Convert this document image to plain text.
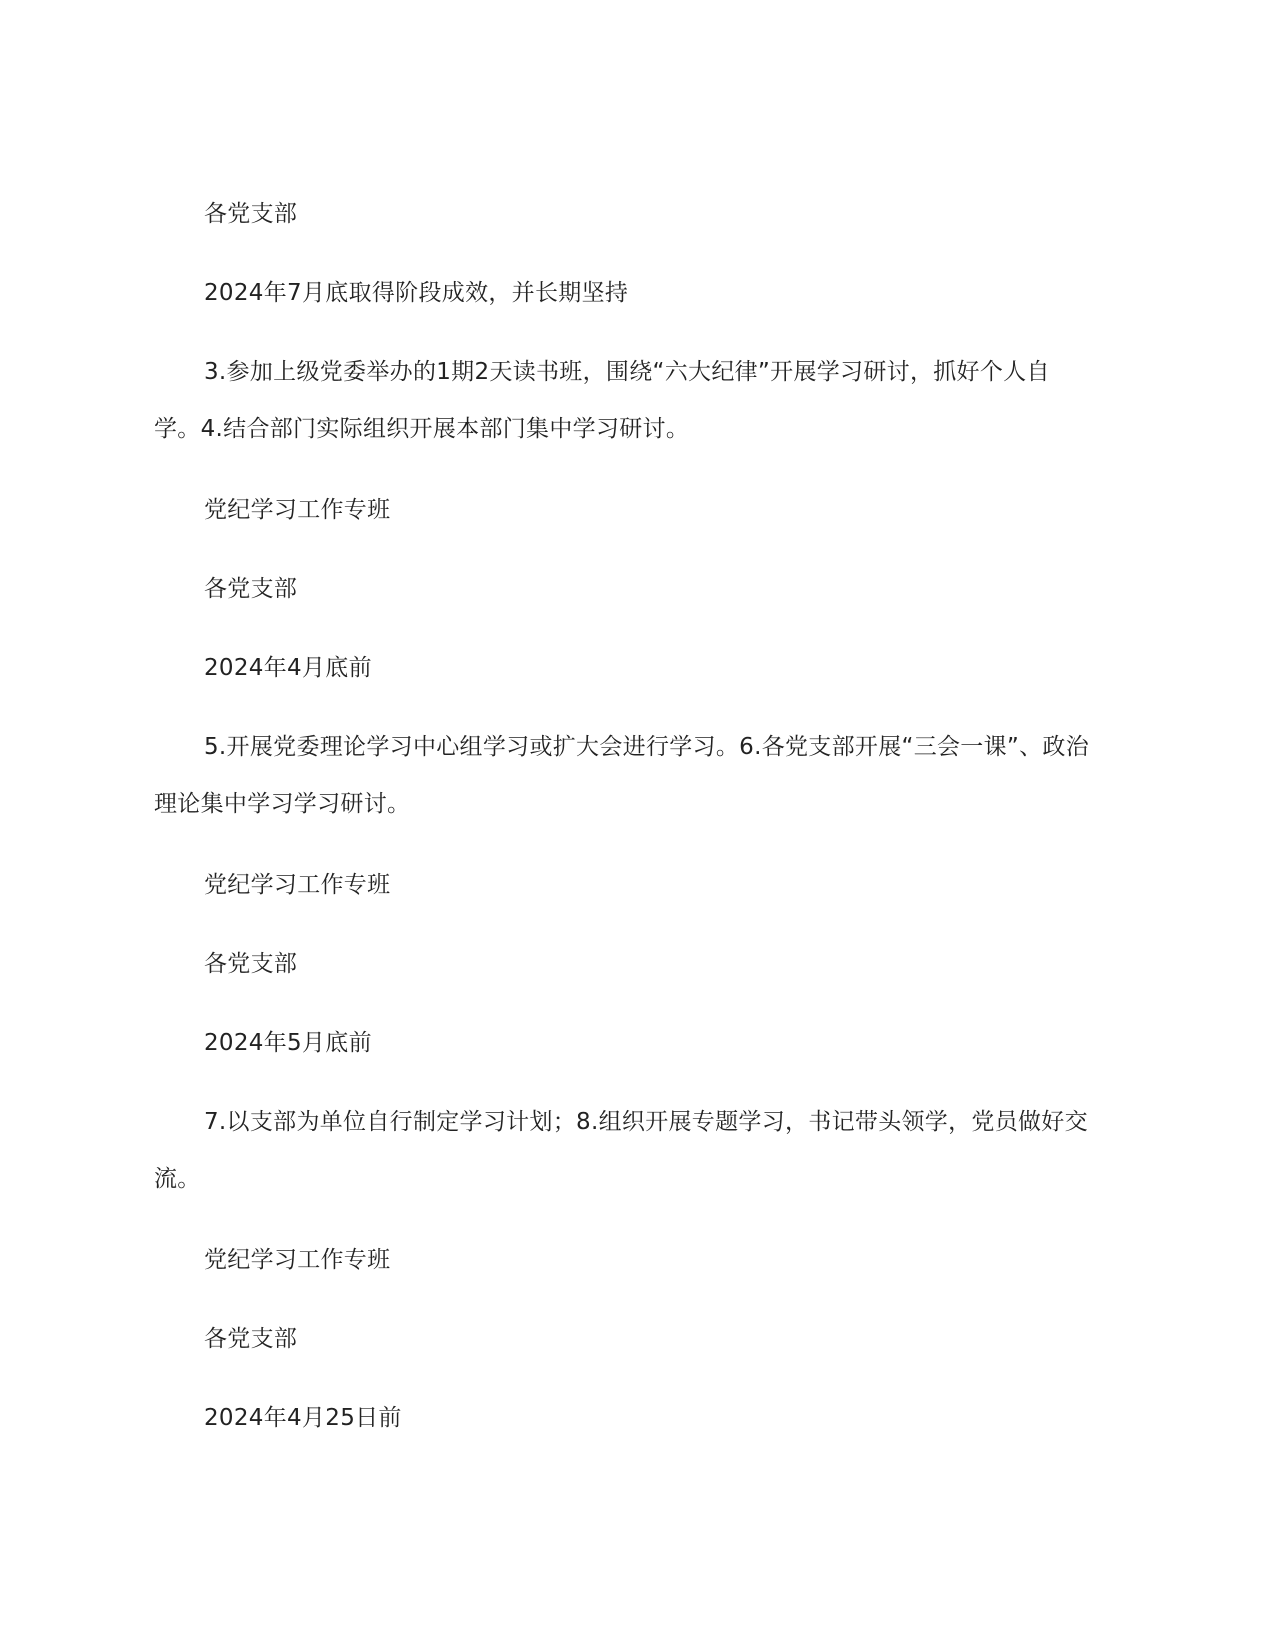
各党支部

2024年7月底取得阶段成效，并长期坚持

3.参加上级党委举办的1期2天读书班，围绕“六大纪律”开展学习研讨，抓好个人自学。4.结合部门实际组织开展本部门集中学习研讨。

党纪学习工作专班

各党支部

2024年4月底前

5.开展党委理论学习中心组学习或扩大会进行学习。6.各党支部开展“三会一课”、政治理论集中学习学习研讨。

党纪学习工作专班

各党支部

2024年5月底前

7.以支部为单位自行制定学习计划；8.组织开展专题学习，书记带头领学，党员做好交流。

党纪学习工作专班

各党支部

2024年4月25日前
